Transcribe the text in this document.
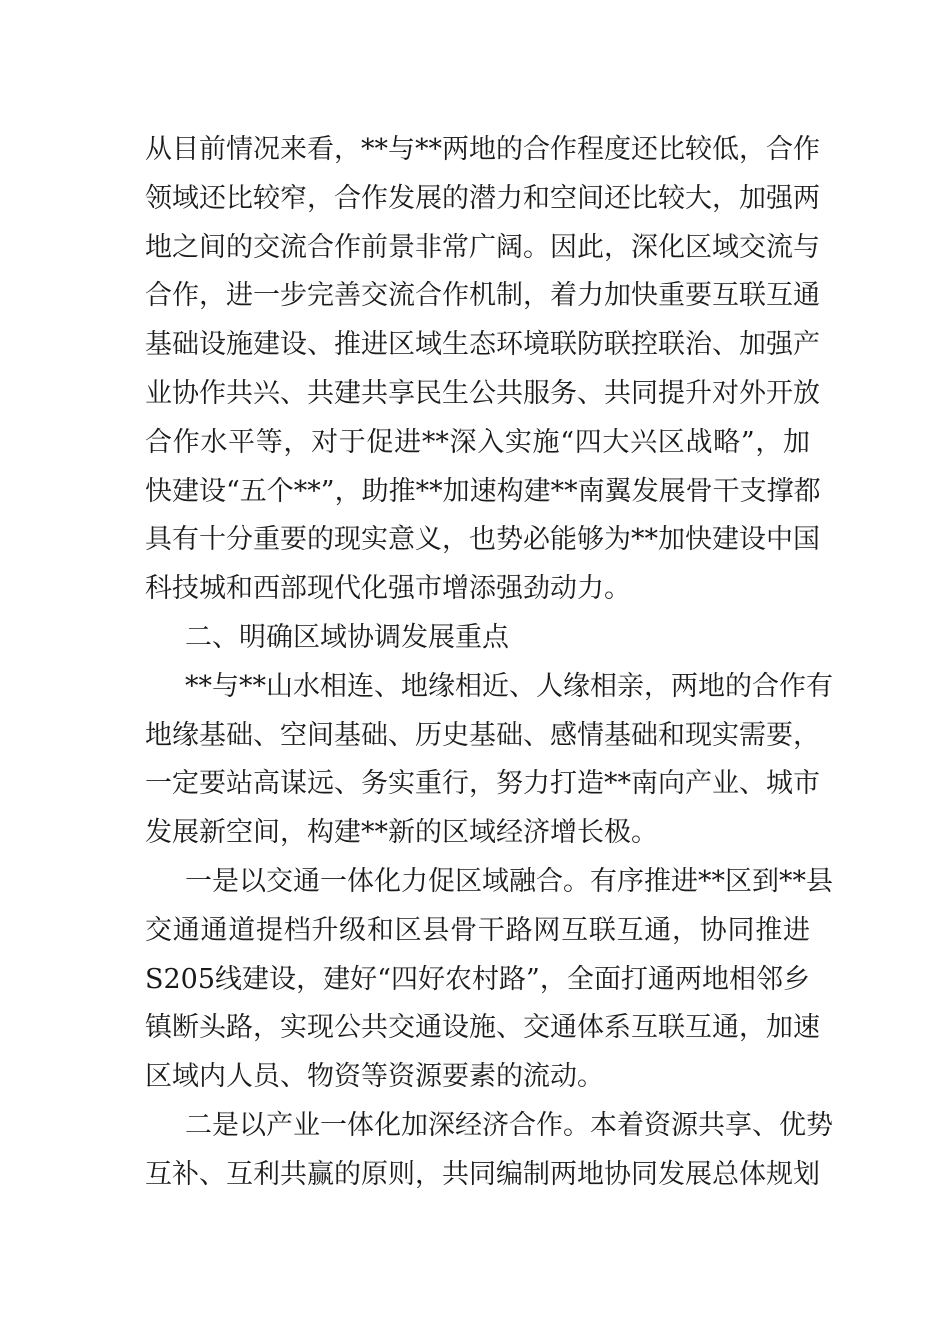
从目前情况来看，**与**两地的合作程度还比较低，合作
领域还比较窄，合作发展的潜力和空间还比较大，加强两
地之间的交流合作前景非常广阔。因此，深化区域交流与
合作，进一步完善交流合作机制，着力加快重要互联互通
基础设施建设、推进区域生态环境联防联控联治、加强产
业协作共兴、共建共享民生公共服务、共同提升对外开放
合作水平等，对于促进**深入实施“四大兴区战略”，加
快建设“五个**”，助推**加速构建**南翼发展骨干支撑都
具有十分重要的现实意义，也势必能够为**加快建设中国
科技城和西部现代化强市增添强劲动力。
二、明确区域协调发展重点
**与**山水相连、地缘相近、人缘相亲，两地的合作有
地缘基础、空间基础、历史基础、感情基础和现实需要，
一定要站高谋远、务实重行，努力打造**南向产业、城市
发展新空间，构建**新的区域经济增长极。
一是以交通一体化力促区域融合。有序推进**区到**县
交通通道提档升级和区县骨干路网互联互通，协同推进
S205线建设，建好“四好农村路”，全面打通两地相邻乡
镇断头路，实现公共交通设施、交通体系互联互通，加速
区域内人员、物资等资源要素的流动。
二是以产业一体化加深经济合作。本着资源共享、优势
互补、互利共赢的原则，共同编制两地协同发展总体规划
